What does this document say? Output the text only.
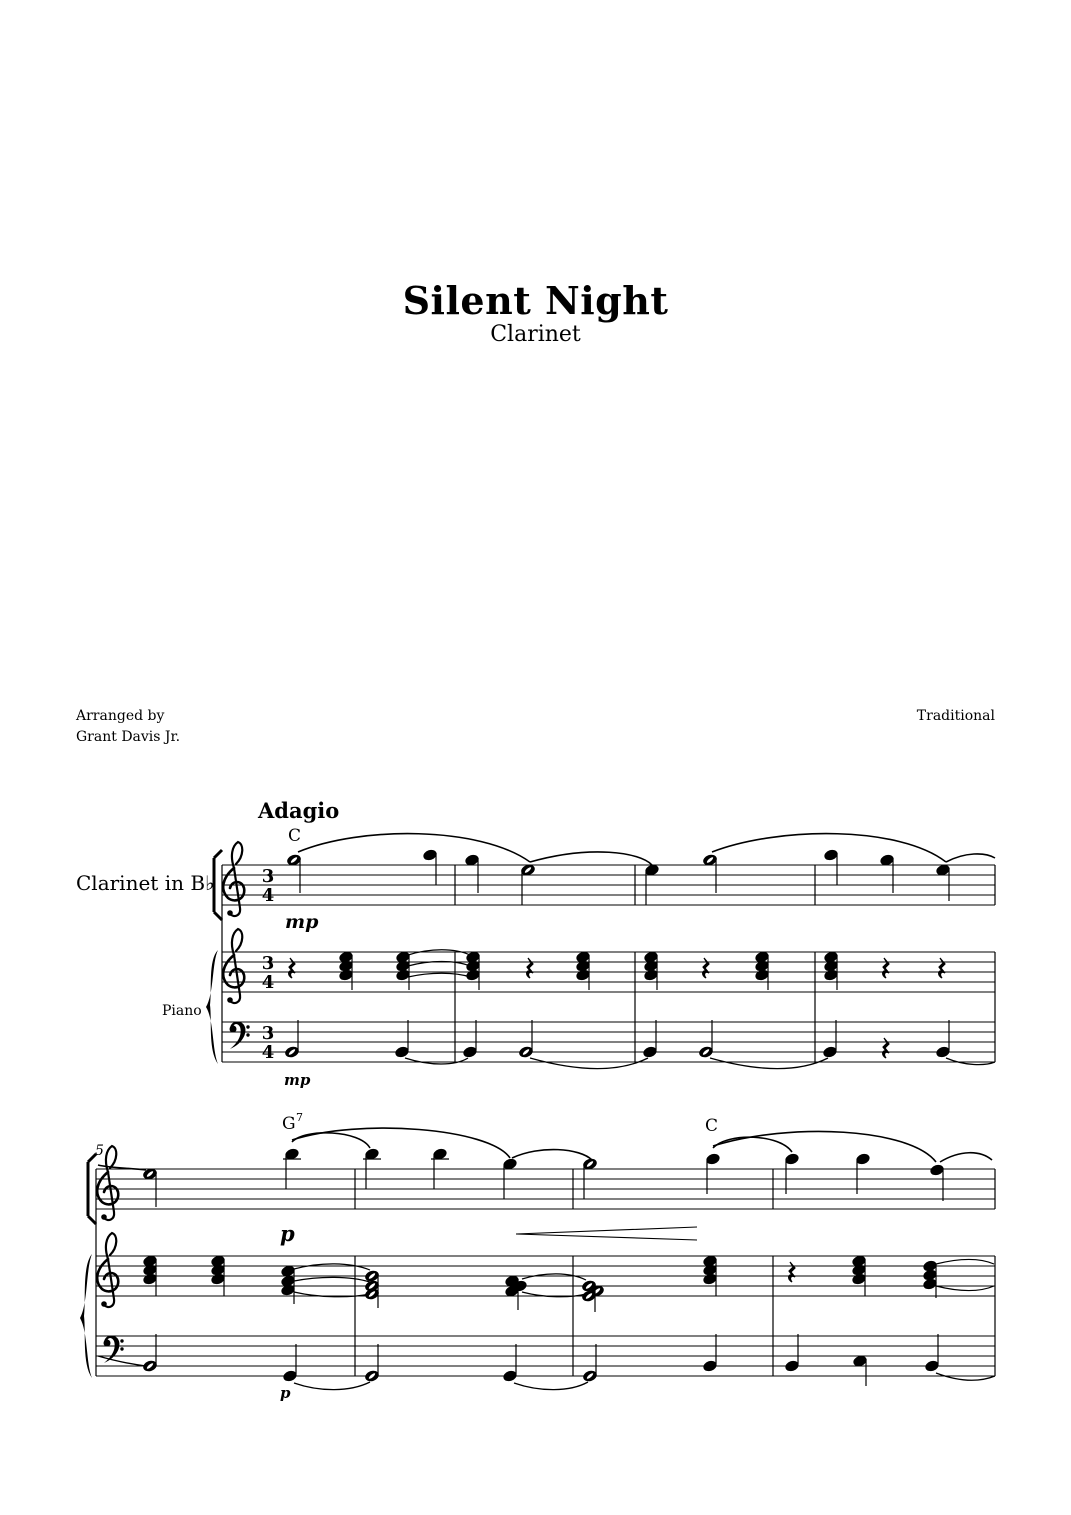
Silent Night
Clarinet
Arranged by
Grant Davis Jr.
Traditional
Adagio
Clarinet in B♭
Piano
3
4
3
4
3
4
C
mp
mp
5
G 7	C
p
p
